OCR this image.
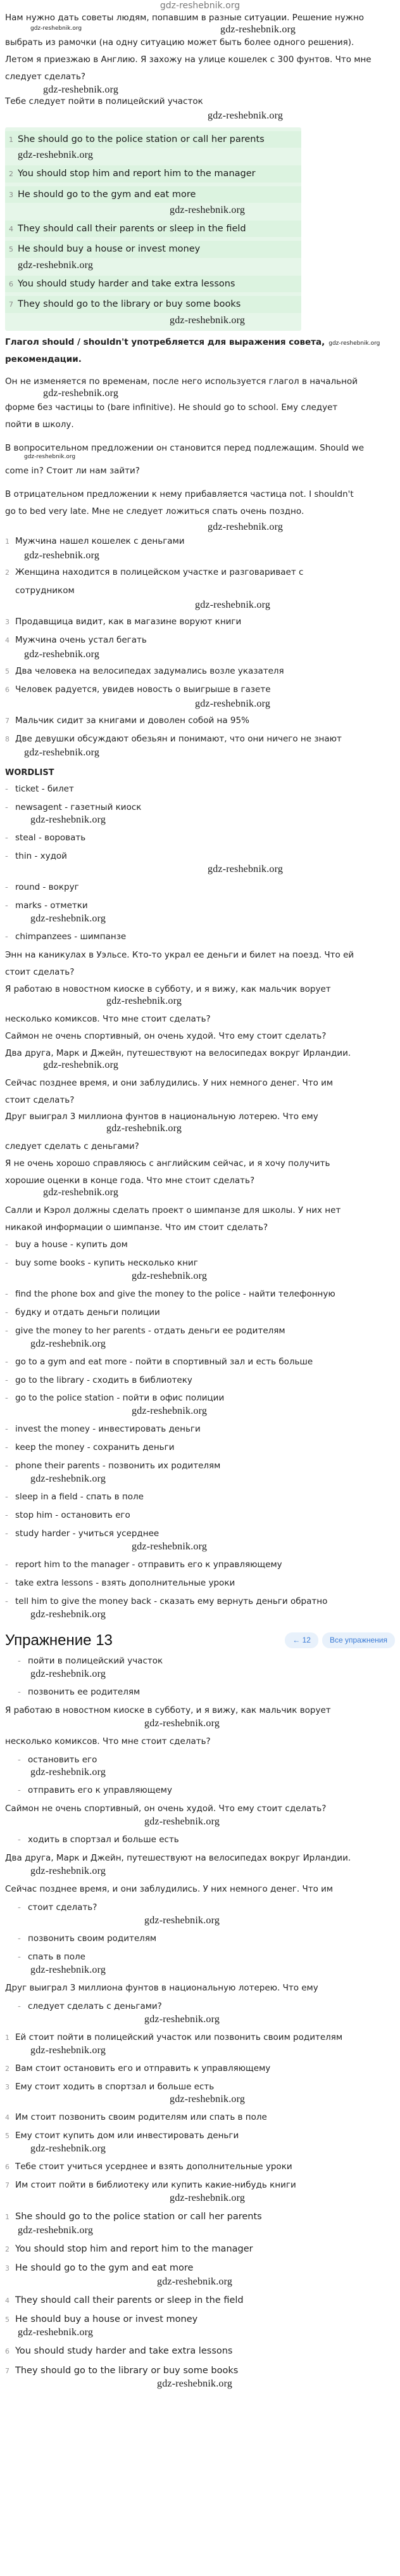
gdz-reshebnik.org

Нам нужно дать советы людям, попавшим в разные ситуации. Решение нужно

gdz-reshebnik.org	gdz-reshebnik.org

выбрать из рамочки (на одну ситуацию может быть более одного решения).

Летом я приезжаю в Англию. Я захожу на улице кошелек с 300 фунтов. Что мне

следует сделать?

gdz-reshebnik.org

Тебе следует пойти в полицейский участок

gdz-reshebnik.org
1 She should go to the police station or call her parents
gdz-reshebnik.org
2 You should stop him and report him to the manager
3 He should go to the gym and eat more
gdz-reshebnik.org
4 They should call their parents or sleep in the field
5 He should buy a house or invest money
gdz-reshebnik.org
6 You should study harder and take extra lessons
7 They should go to the library or buy some books
gdz-reshebnik.org

Глагол should / shouldn't употребляется для выражения совета, gdz-reshebnik.org

рекомендации.

Он не изменяется по временам, после него используется глагол в начальной

gdz-reshebnik.org

форме без частицы to (bare infinitive). He should go to school. Ему следует

пойти в школу.

В вопросительном предложении он становится перед подлежащим. Should we

gdz-reshebnik.org

come in? Стоит ли нам зайти?

В отрицательном предложении к нему прибавляется частица not. I shouldn't

go to bed very late. Мне не следует ложиться спать очень поздно.

gdz-reshebnik.org
1 Мужчина нашел кошелек с деньгами
gdz-reshebnik.org
2 Женщина находится в полицейском участке и разговаривает с
сотрудником
gdz-reshebnik.org
3 Продавщица видит, как в магазине воруют книги
4 Мужчина очень устал бегать
gdz-reshebnik.org
5 Два человека на велосипедах задумались возле указателя
6 Человек радуется, увидев новость о выигрыше в газете
gdz-reshebnik.org
7 Мальчик сидит за книгами и доволен собой на 95%
8 Две девушки обсуждают обезьян и понимают, что они ничего не знают
gdz-reshebnik.org
WORDLIST
- ticket - билет
- newsagent - газетный киоск
gdz-reshebnik.org
- steal - воровать
- thin - худой
gdz-reshebnik.org
- round - вокруг
- marks - отметки
gdz-reshebnik.org
- chimpanzees - шимпанзе

Энн на каникулах в Уэльсе. Кто-то украл ее деньги и билет на поезд. Что ей

стоит сделать?

Я работаю в новостном киоске в субботу, и я вижу, как мальчик ворует

gdz-reshebnik.org

несколько комиксов. Что мне стоит сделать?

Саймон не очень спортивный, он очень худой. Что ему стоит сделать?

Два друга, Марк и Джейн, путешествуют на велосипедах вокруг Ирландии.

gdz-reshebnik.org

Сейчас позднее время, и они заблудились. У них немного денег. Что им

стоит сделать?

Друг выиграл 3 миллиона фунтов в национальную лотерею. Что ему

gdz-reshebnik.org

следует сделать с деньгами?

Я не очень хорошо справляюсь с английским сейчас, и я хочу получить

хорошие оценки в конце года. Что мне стоит сделать?

gdz-reshebnik.org

Салли и Кэрол должны сделать проект о шимпанзе для школы. У них нет

никакой информации о шимпанзе. Что им стоит сделать?

- buy a house - купить дом
- buy some books - купить несколько книг
gdz-reshebnik.org
- find the phone box and give the money to the police - найти телефонную
- будку и отдать деньги полиции
- give the money to her parents - отдать деньги ее родителям
gdz-reshebnik.org
- go to a gym and eat more - пойти в спортивный зал и есть больше
- go to the library - сходить в библиотеку
- go to the police station - пойти в офис полиции
gdz-reshebnik.org
- invest the money - инвестировать деньги
- keep the money - сохранить деньги
- phone their parents - позвонить их родителям
gdz-reshebnik.org
- sleep in a field - спать в поле
- stop him - остановить его
- study harder - учиться усерднее
gdz-reshebnik.org
- report him to the manager - отправить его к управляющему
- take extra lessons - взять дополнительные уроки
- tell him to give the money back - сказать ему вернуть деньги обратно
gdz-reshebnik.org
Упражнение 13	← 12	Все упражнения
- пойти в полицейский участок
gdz-reshebnik.org
- позвонить ее родителям
Я работаю в новостном киоске в субботу, и я вижу, как мальчик ворует
gdz-reshebnik.org
несколько комиксов. Что мне стоит сделать?
- остановить его
gdz-reshebnik.org
- отправить его к управляющему
Саймон не очень спортивный, он очень худой. Что ему стоит сделать?
gdz-reshebnik.org
- ходить в спортзал и больше есть
Два друга, Марк и Джейн, путешествуют на велосипедах вокруг Ирландии.
gdz-reshebnik.org
Сейчас позднее время, и они заблудились. У них немного денег. Что им
- стоит сделать?
gdz-reshebnik.org
- позвонить своим родителям
- спать в поле
gdz-reshebnik.org
Друг выиграл 3 миллиона фунтов в национальную лотерею. Что ему
- следует сделать с деньгами?
gdz-reshebnik.org
1 Ей стоит пойти в полицейский участок или позвонить своим родителям
gdz-reshebnik.org
2 Вам стоит остановить его и отправить к управляющему
3 Ему стоит ходить в спортзал и больше есть
gdz-reshebnik.org
4 Им стоит позвонить своим родителям или спать в поле
5 Ему стоит купить дом или инвестировать деньги
gdz-reshebnik.org
6 Тебе стоит учиться усерднее и взять дополнительные уроки
7 Им стоит пойти в библиотеку или купить какие-нибудь книги
gdz-reshebnik.org
1 She should go to the police station or call her parents
gdz-reshebnik.org
2 You should stop him and report him to the manager
3 He should go to the gym and eat more
gdz-reshebnik.org
4 They should call their parents or sleep in the field
5 He should buy a house or invest money
gdz-reshebnik.org
6 You should study harder and take extra lessons
7 They should go to the library or buy some books
gdz-reshebnik.org
